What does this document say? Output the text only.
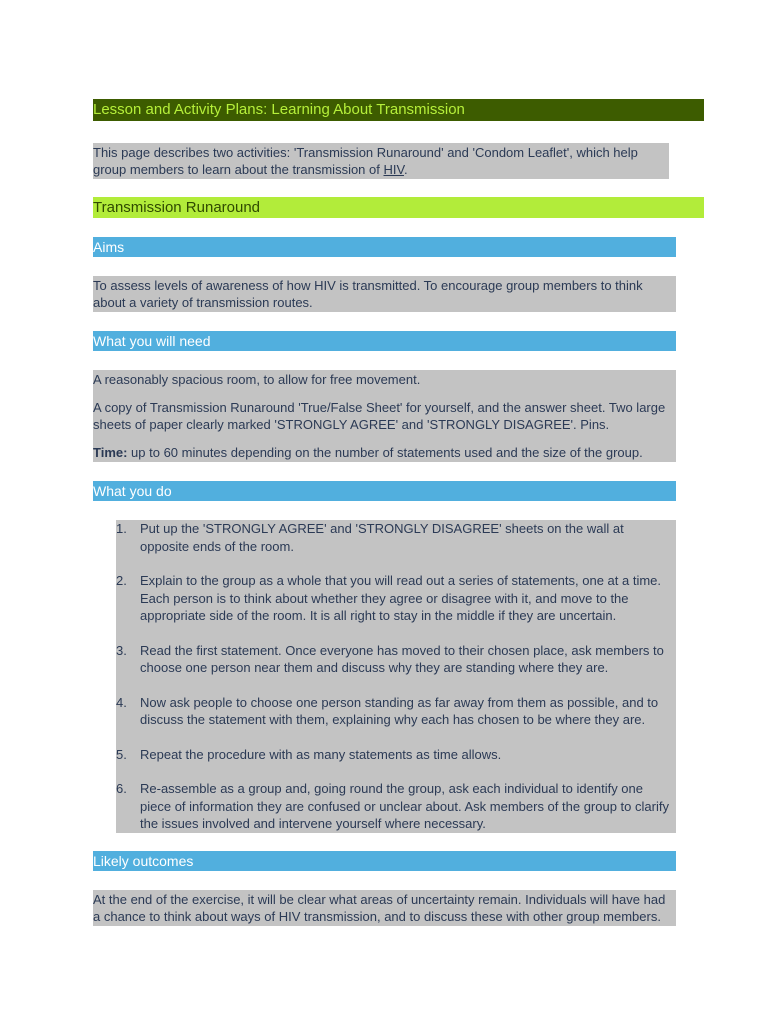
Lesson and Activity Plans: Learning About Transmission
This page describes two activities: 'Transmission Runaround' and 'Condom Leaflet', which help group members to learn about the transmission of HIV.
Transmission Runaround
Aims
To assess levels of awareness of how HIV is transmitted. To encourage group members to think about a variety of transmission routes.
What you will need

A reasonably spacious room, to allow for free movement.

A copy of Transmission Runaround 'True/False Sheet' for yourself, and the answer sheet. Two large sheets of paper clearly marked 'STRONGLY AGREE' and 'STRONGLY DISAGREE'. Pins.

Time: up to 60 minutes depending on the number of statements used and the size of the group.

What you do
1. Put up the 'STRONGLY AGREE' and 'STRONGLY DISAGREE' sheets on the wall at opposite ends of the room.
2. Explain to the group as a whole that you will read out a series of statements, one at a time. Each person is to think about whether they agree or disagree with it, and move to the appropriate side of the room. It is all right to stay in the middle if they are uncertain.
3. Read the first statement. Once everyone has moved to their chosen place, ask members to choose one person near them and discuss why they are standing where they are.
4. Now ask people to choose one person standing as far away from them as possible, and to discuss the statement with them, explaining why each has chosen to be where they are.
5. Repeat the procedure with as many statements as time allows.
6. Re-assemble as a group and, going round the group, ask each individual to identify one piece of information they are confused or unclear about. Ask members of the group to clarify the issues involved and intervene yourself where necessary.
Likely outcomes
At the end of the exercise, it will be clear what areas of uncertainty remain. Individuals will have had a chance to think about ways of HIV transmission, and to discuss these with other group members.
